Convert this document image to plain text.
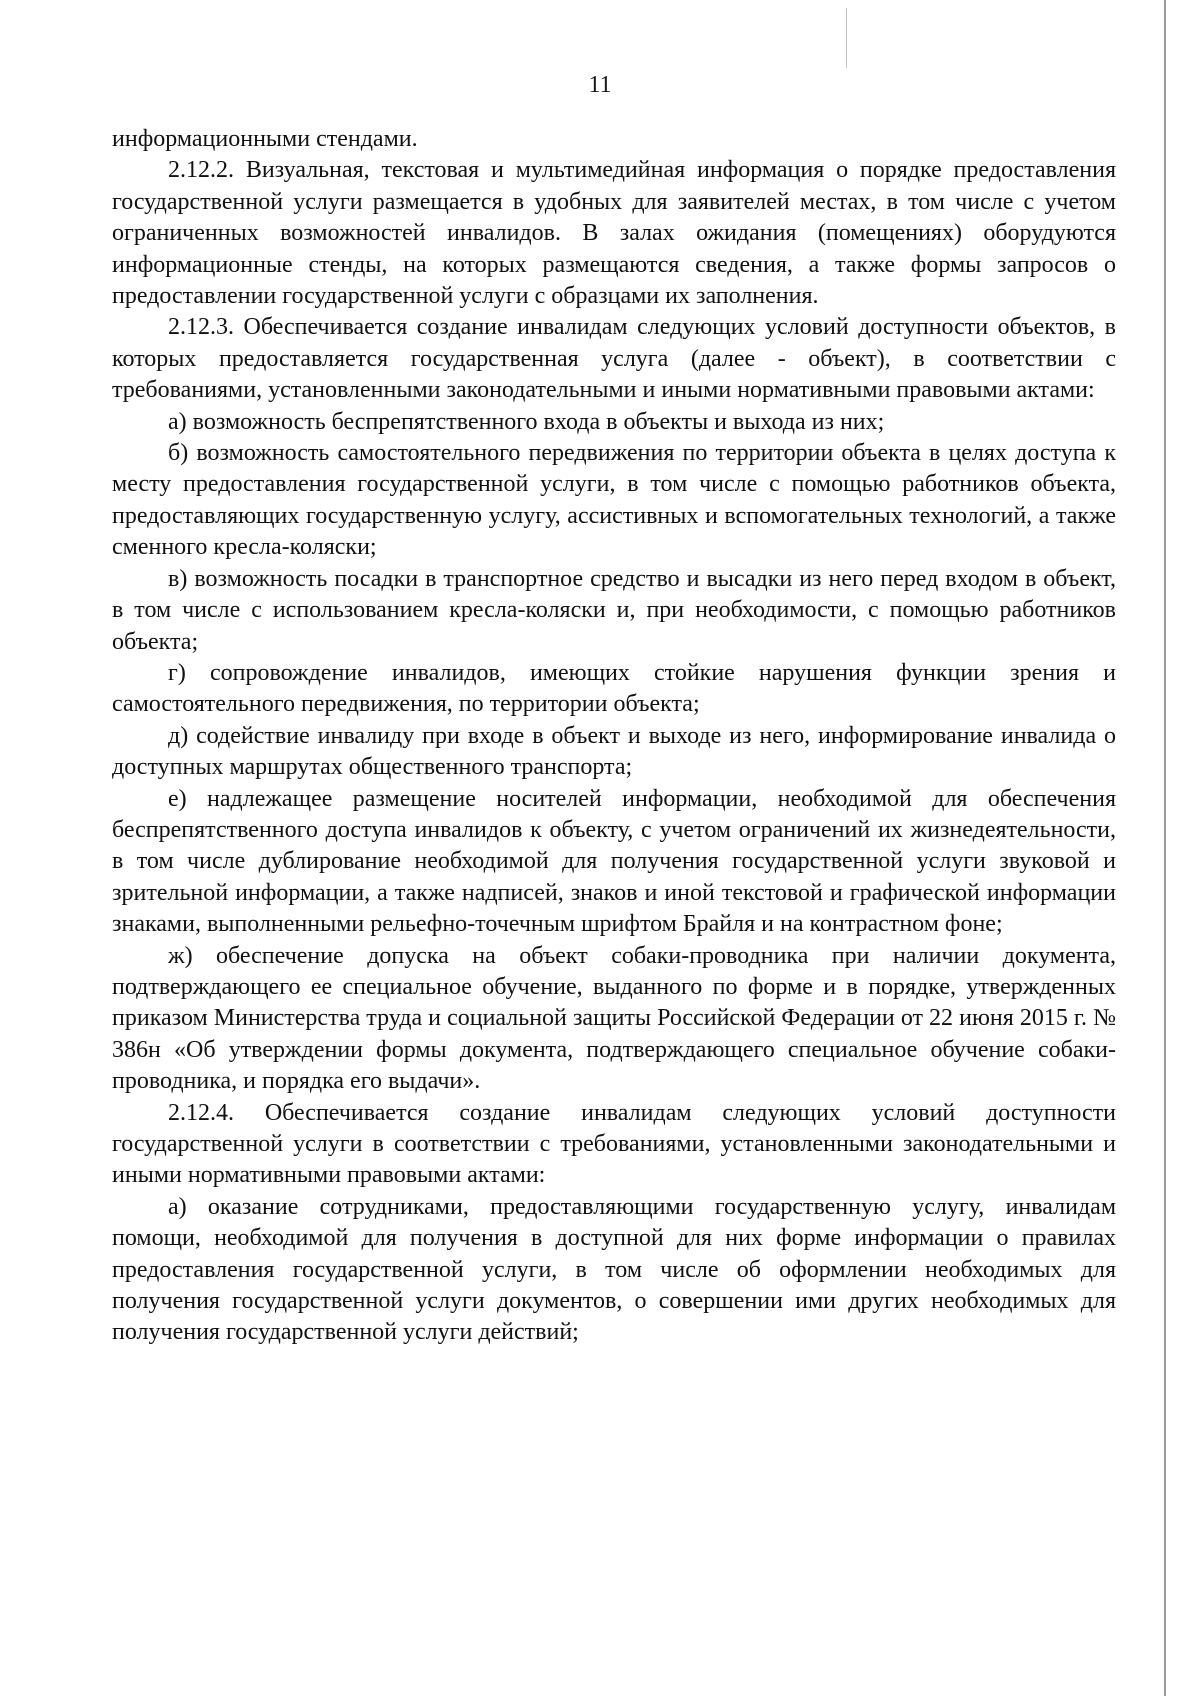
11

информационными стендами.

2.12.2. Визуальная, текстовая и мультимедийная информация о порядке предоставления государственной услуги размещается в удобных для заявителей местах, в том числе с учетом ограниченных возможностей инвалидов. В залах ожидания (помещениях) оборудуются информационные стенды, на которых размещаются сведения, а также формы запросов о предоставлении государственной услуги с образцами их заполнения.

2.12.3. Обеспечивается создание инвалидам следующих условий доступности объектов, в которых предоставляется государственная услуга (далее - объект), в соответствии с требованиями, установленными законодательными и иными нормативными правовыми актами:

а) возможность беспрепятственного входа в объекты и выхода из них;

б) возможность самостоятельного передвижения по территории объекта в целях доступа к месту предоставления государственной услуги, в том числе с помощью работников объекта, предоставляющих государственную услугу, ассистивных и вспомогательных технологий, а также сменного кресла-коляски;

в) возможность посадки в транспортное средство и высадки из него перед входом в объект, в том числе с использованием кресла-коляски и, при необходимости, с помощью работников объекта;

г) сопровождение инвалидов, имеющих стойкие нарушения функции зрения и самостоятельного передвижения, по территории объекта;

д) содействие инвалиду при входе в объект и выходе из него, информирование инвалида о доступных маршрутах общественного транспорта;

е) надлежащее размещение носителей информации, необходимой для обеспечения беспрепятственного доступа инвалидов к объекту, с учетом ограничений их жизнедеятельности, в том числе дублирование необходимой для получения государственной услуги звуковой и зрительной информации, а также надписей, знаков и иной текстовой и графической информации знаками, выполненными рельефно-точечным шрифтом Брайля и на контрастном фоне;

ж) обеспечение допуска на объект собаки-проводника при наличии документа, подтверждающего ее специальное обучение, выданного по форме и в порядке, утвержденных приказом Министерства труда и социальной защиты Российской Федерации от 22 июня 2015 г. № 386н «Об утверждении формы документа, подтверждающего специальное обучение собаки-проводника, и порядка его выдачи».

2.12.4. Обеспечивается создание инвалидам следующих условий доступности государственной услуги в соответствии с требованиями, установленными законодательными и иными нормативными правовыми актами:

а) оказание сотрудниками, предоставляющими государственную услугу, инвалидам помощи, необходимой для получения в доступной для них форме информации о правилах предоставления государственной услуги, в том числе об оформлении необходимых для получения государственной услуги документов, о совершении ими других необходимых для получения государственной услуги действий;
